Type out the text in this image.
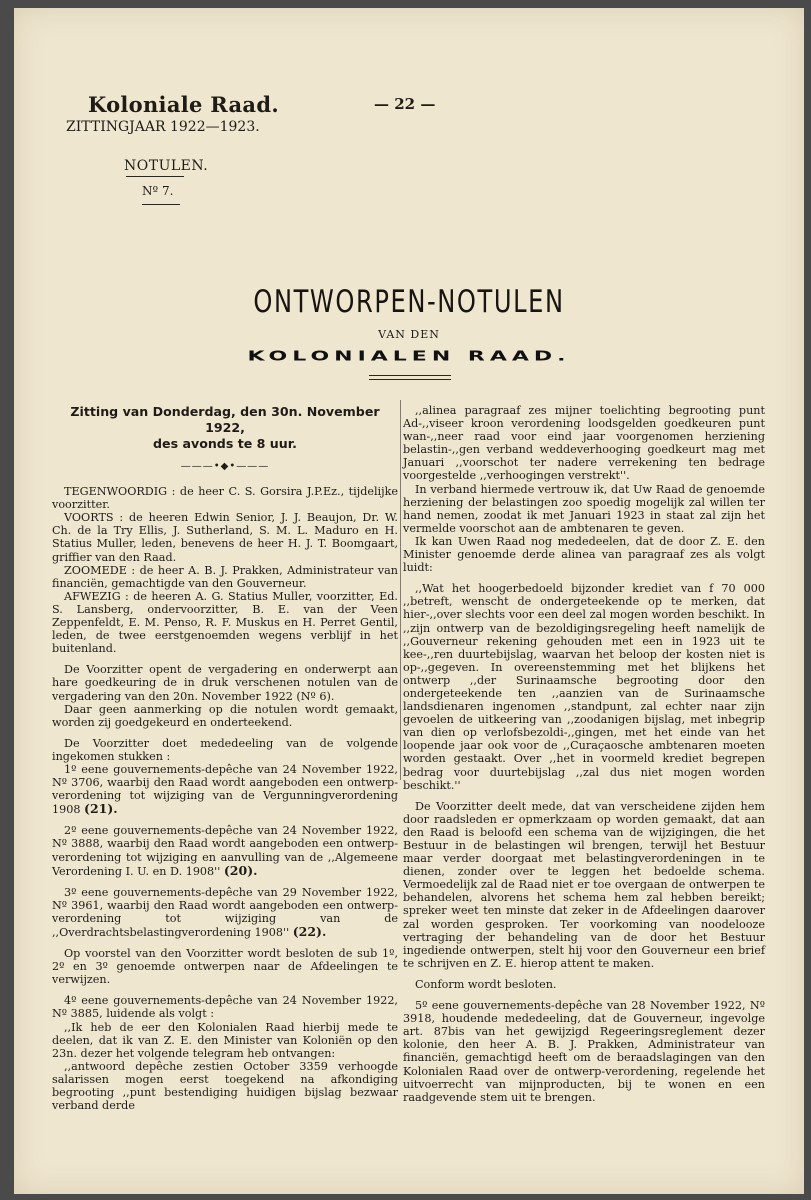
Koloniale Raad.
ZITTINGJAAR 1922—1923.
— 22 —
NOTULEN.
Nº 7.
ONTWORPEN-NOTULEN
VAN DEN
KOLONIALEN RAAD.
Zitting van Donderdag, den 30n. November 1922,
des avonds te 8 uur.
———•◆•———

TEGENWOORDIG : de heer C. S. Gorsira J.P.Ez., tijdelijke voorzitter.

VOORTS : de heeren Edwin Senior, J. J. Beaujon, Dr. W. Ch. de la Try Ellis, J. Sutherland, S. M. L. Maduro en H. Statius Muller, leden, benevens de heer H. J. T. Boomgaart, griffier van den Raad.

ZOOMEDE : de heer A. B. J. Prakken, Administrateur van financiën, gemachtigde van den Gouverneur.

AFWEZIG : de heeren A. G. Statius Muller, voorzitter, Ed. S. Lansberg, ondervoorzitter, B. E. van der Veen Zeppenfeldt, E. M. Penso, R. F. Muskus en H. Perret Gentil, leden, de twee eerstgenoemden wegens verblijf in het buitenland.

De Voorzitter opent de vergadering en onderwerpt aan hare goedkeuring de in druk verschenen notulen van de vergadering van den 20n. November 1922 (Nº 6).

Daar geen aanmerking op die notulen wordt gemaakt, worden zij goedgekeurd en onderteekend.

De Voorzitter doet mededeeling van de volgende ingekomen stukken :

1º eene gouvernements-depêche van 24 November 1922, Nº 3706, waarbij den Raad wordt aangeboden een ontwerp-verordening tot wijziging van de Vergunningverordening 1908 (21).

2º eene gouvernements-depêche van 24 November 1922, Nº 3888, waarbij den Raad wordt aangeboden een ontwerp-verordening tot wijziging en aanvulling van de ,,Algemeene Verordening I. U. en D. 1908'' (20).

3º eene gouvernements-depêche van 29 November 1922, Nº 3961, waarbij den Raad wordt aangeboden een ontwerp-verordening tot wijziging van de ,,Overdrachtsbelastingverordening 1908'' (22).

Op voorstel van den Voorzitter wordt besloten de sub 1º, 2º en 3º genoemde ontwerpen naar de Afdeelingen te verwijzen.

4º eene gouvernements-depêche van 24 November 1922, Nº 3885, luidende als volgt :

,,Ik heb de eer den Kolonialen Raad hierbij mede te deelen, dat ik van Z. E. den Minister van Koloniën op den 23n. dezer het volgende telegram heb ontvangen:

,,antwoord depêche zestien October 3359 verhoogde salarissen mogen eerst toegekend na afkondiging begrooting ,,punt bestendiging huidigen bijslag bezwaar verband derde

,,alinea paragraaf zes mijner toelichting begrooting punt Ad-,,viseer kroon verordening loodsgelden goedkeuren punt wan-,,neer raad voor eind jaar voorgenomen herziening belastin-,,gen verband weddeverhooging goedkeurt mag met Januari ,,voorschot ter nadere verrekening ten bedrage voorgestelde ,,verhoogingen verstrekt''.

In verband hiermede vertrouw ik, dat Uw Raad de genoemde herziening der belastingen zoo spoedig mogelijk zal willen ter hand nemen, zoodat ik met Januari 1923 in staat zal zijn het vermelde voorschot aan de ambtenaren te geven.

Ik kan Uwen Raad nog mededeelen, dat de door Z. E. den Minister genoemde derde alinea van paragraaf zes als volgt luidt:

,,Wat het hoogerbedoeld bijzonder krediet van f 70 000 ,,betreft, wenscht de ondergeteekende op te merken, dat hier-,,over slechts voor een deel zal mogen worden beschikt. In ,,zijn ontwerp van de bezoldigingsregeling heeft namelijk de ,,Gouverneur rekening gehouden met een in 1923 uit te kee-,,ren duurtebijslag, waarvan het beloop der kosten niet is op-,,gegeven. In overeenstemming met het blijkens het ontwerp ,,der Surinaamsche begrooting door den ondergeteekende ten ,,aanzien van de Surinaamsche landsdienaren ingenomen ,,standpunt, zal echter naar zijn gevoelen de uitkeering van ,,zoodanigen bijslag, met inbegrip van dien op verlofsbezoldi-,,gingen, met het einde van het loopende jaar ook voor de ,,Curaçaosche ambtenaren moeten worden gestaakt. Over ,,het in voormeld krediet begrepen bedrag voor duurtebijslag ,,zal dus niet mogen worden beschikt.''

De Voorzitter deelt mede, dat van verscheidene zijden hem door raadsleden er opmerkzaam op worden gemaakt, dat aan den Raad is beloofd een schema van de wijzigingen, die het Bestuur in de belastingen wil brengen, terwijl het Bestuur maar verder doorgaat met belastingverordeningen in te dienen, zonder over te leggen het bedoelde schema. Vermoedelijk zal de Raad niet er toe overgaan de ontwerpen te behandelen, alvorens het schema hem zal hebben bereikt; spreker weet ten minste dat zeker in de Afdeelingen daarover zal worden gesproken. Ter voorkoming van noodelooze vertraging der behandeling van de door het Bestuur ingediende ontwerpen, stelt hij voor den Gouverneur een brief te schrijven en Z. E. hierop attent te maken.

Conform wordt besloten.

5º eene gouvernements-depêche van 28 November 1922, Nº 3918, houdende mededeeling, dat de Gouverneur, ingevolge art. 87bis van het gewijzigd Regeeringsreglement dezer kolonie, den heer A. B. J. Prakken, Administrateur van financiën, gemachtigd heeft om de beraadslagingen van den Kolonialen Raad over de ontwerp-verordening, regelende het uitvoerrecht van mijnproducten, bij te wonen en een raadgevende stem uit te brengen.
